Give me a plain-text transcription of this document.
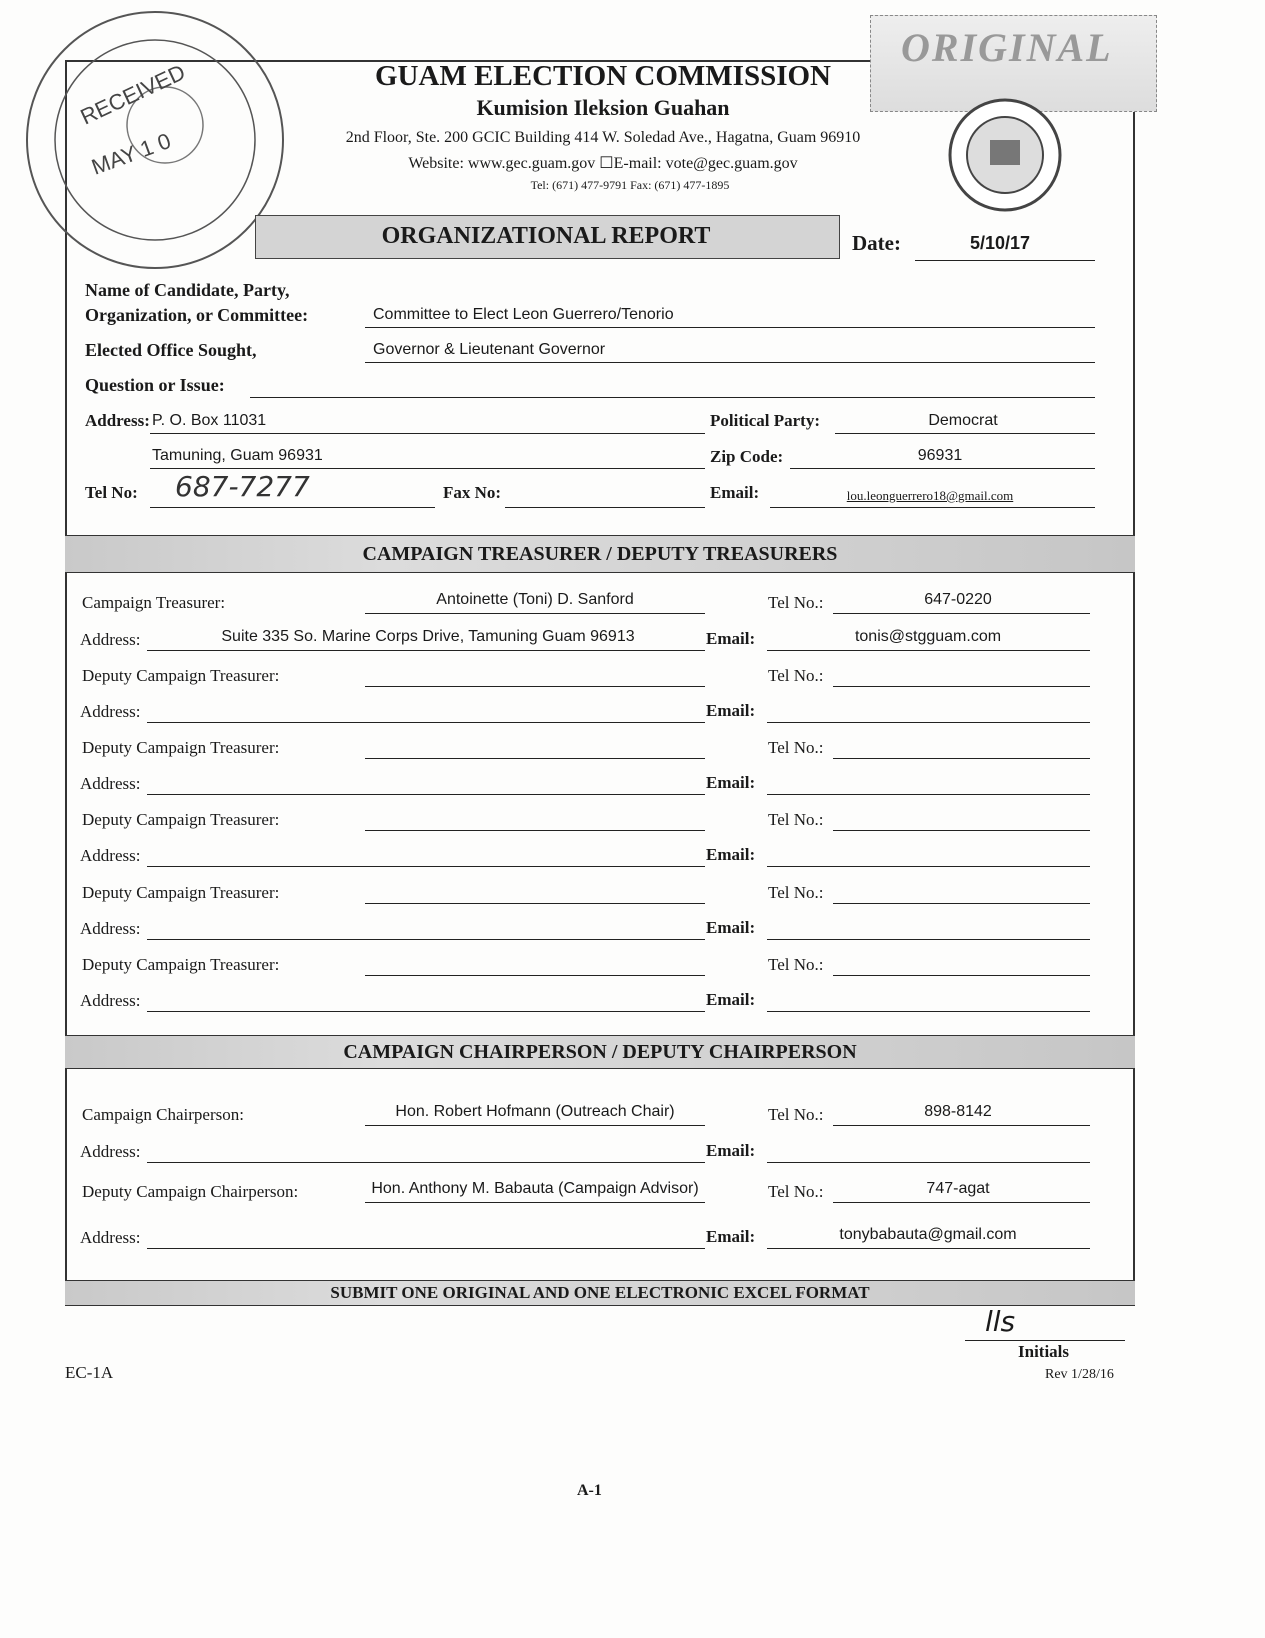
RECEIVED
MAY 1 0
ORIGINAL
GUAM ELECTION COMMISSION
Kumision Ileksion Guahan
2nd Floor, Ste. 200 GCIC Building 414 W. Soledad Ave., Hagatna, Guam 96910
Website: www.gec.guam.gov ☐E-mail: vote@gec.guam.gov
Tel: (671) 477-9791 Fax: (671) 477-1895
ORGANIZATIONAL REPORT	Date:	5/10/17
Name of Candidate, Party,
Organization, or Committee:	Committee to Elect Leon Guerrero/Tenorio
Elected Office Sought,	Governor & Lieutenant Governor
Question or Issue:
Address: P. O. Box 11031	Political Party:	Democrat
Tamuning, Guam 96931	Zip Code:	96931
Tel No: 687-7277	Fax No:	Email:	lou.leonguerrero18@gmail.com
CAMPAIGN TREASURER / DEPUTY TREASURERS
Campaign Treasurer:	Antoinette (Toni) D. Sanford	Tel No.:	647-0220
Address:	Suite 335 So. Marine Corps Drive, Tamuning Guam 96913	Email:	tonis@stgguam.com
Deputy Campaign Treasurer:	Tel No.:
Address:	Email:
Deputy Campaign Treasurer:	Tel No.:
Address:	Email:
Deputy Campaign Treasurer:	Tel No.:
Address:	Email:
Deputy Campaign Treasurer:	Tel No.:
Address:	Email:
Deputy Campaign Treasurer:	Tel No.:
Address:	Email:
CAMPAIGN CHAIRPERSON / DEPUTY CHAIRPERSON
Campaign Chairperson:	Hon. Robert Hofmann (Outreach Chair)	Tel No.:	898-8142
Address:	Email:
Deputy Campaign Chairperson:	Hon. Anthony M. Babauta (Campaign Advisor)	Tel No.:	747-agat
Address:	Email:	tonybabauta@gmail.com
SUBMIT ONE ORIGINAL AND ONE ELECTRONIC EXCEL FORMAT
lls
Initials
EC-1A	Rev 1/28/16
A-1
